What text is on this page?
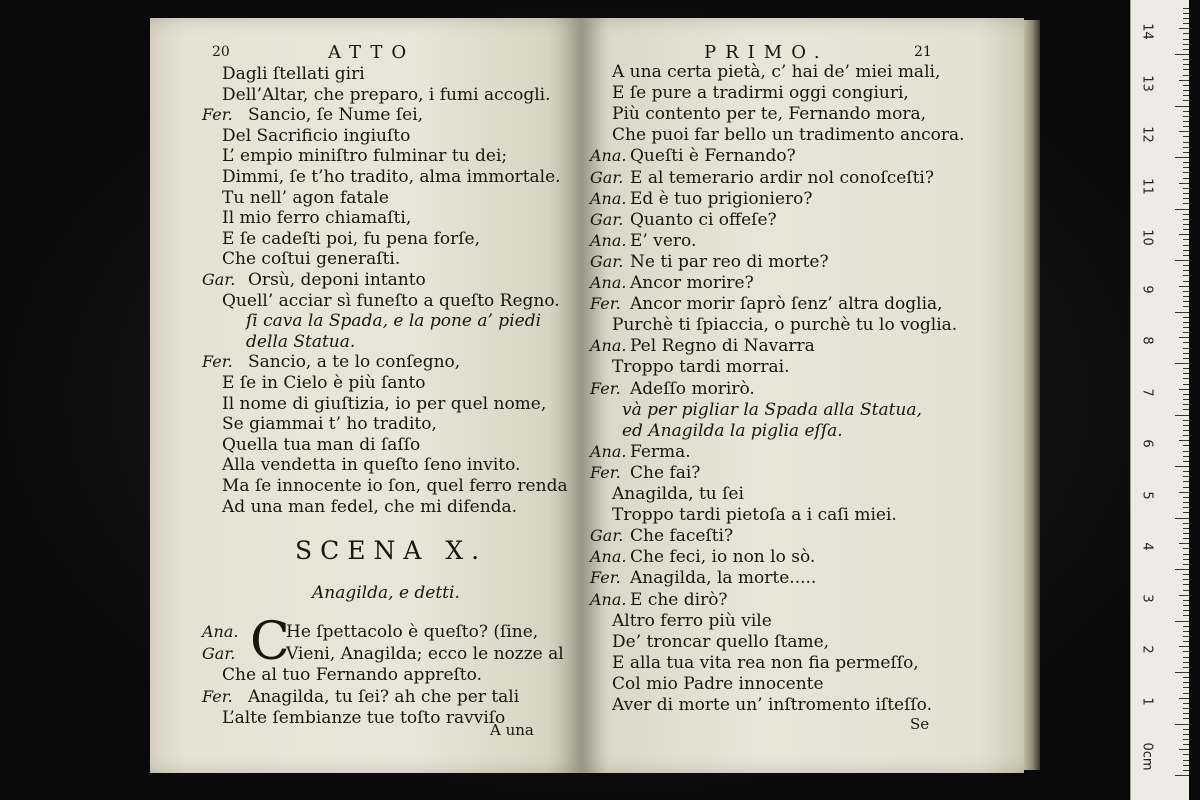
20	ATTO
Dagli ſtellati giri
Dell’Altar, che preparo, i fumi accogli.
Fer. Sancio, ſe Nume ſei,
Del Sacrificio ingiuſto
L’ empio miniſtro fulminar tu dei;
Dimmi, ſe t’ho tradito, alma immortale.
Tu nell’ agon fatale
Il mio ferro chiamaſti,
E ſe cadeſti poi, fu pena forſe,
Che coſtui generaſti.
Gar. Orsù, deponi intanto
Quell’ acciar sì funeſto a queſto Regno.
ſi cava la Spada, e la pone a’ piedi
della Statua.
Fer. Sancio, a te lo conſegno,
E ſe in Cielo è più ſanto
Il nome di giuſtizia, io per quel nome,
Se giammai t’ ho tradito,
Quella tua man di ſaſſo
Alla vendetta in queſto ſeno invito.
Ma ſe innocente io ſon, quel ferro renda
Ad una man fedel, che mi difenda.
SCENA X.
Anagilda, e detti.
C
Ana.	He ſpettacolo è queſto? (ſine,
Gar.	Vieni, Anagilda; ecco le nozze al
Che al tuo Fernando appreſto.
Fer. Anagilda, tu ſei? ah che per tali
L’alte ſembianze tue toſto ravviſo
A una
PRIMO.	21
A una certa pietà, c’ hai de’ miei mali,
E ſe pure a tradirmi oggi congiuri,
Più contento per te, Fernando mora,
Che puoi far bello un tradimento ancora.
Ana. Queſti è Fernando?
Gar. E al temerario ardir nol conoſceſti?
Ana. Ed è tuo prigioniero?
Gar. Quanto ci offeſe?
Ana. E’ vero.
Gar. Ne ti par reo di morte?
Ana. Ancor morire?
Fer. Ancor morir ſaprò ſenz’ altra doglia,
Purchè ti ſpiaccia, o purchè tu lo voglia.
Ana. Pel Regno di Navarra
Troppo tardi morrai.
Fer. Adeſſo morirò.
và per pigliar la Spada alla Statua,
ed Anagilda la piglia eſſa.
Ana. Ferma.
Fer. Che fai?
Anagilda, tu ſei
Troppo tardi pietoſa a i caſi miei.
Gar. Che faceſti?
Ana. Che feci, io non lo sò.
Fer. Anagilda, la morte.....
Ana. E che dirò?
Altro ferro più vile
De’ troncar quello ſtame,
E alla tua vita rea non fia permeſſo,
Col mio Padre innocente
Aver di morte un’ inſtromento iſteſſo.
Se
0cm
1
2
3
4
5
6
7
8
9
10
11
12
13
14
